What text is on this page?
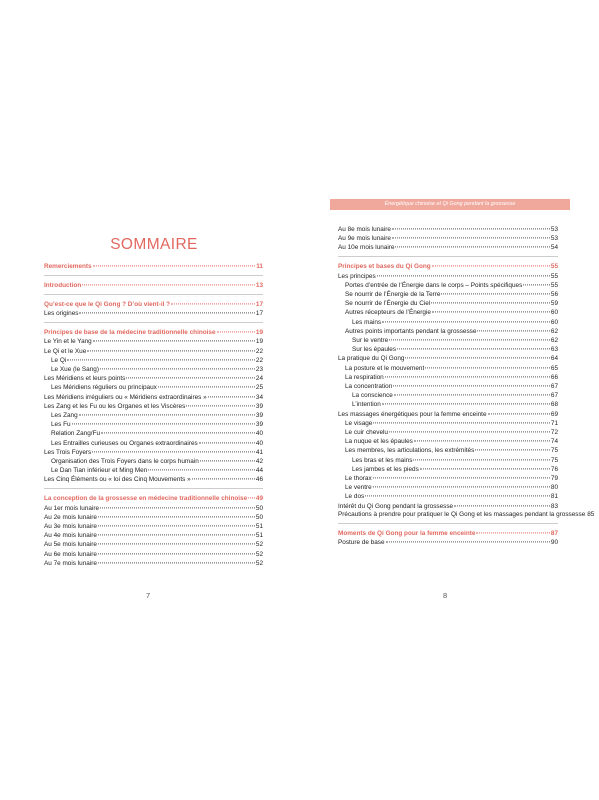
SOMMAIRE
Remerciements	11
Introduction	13
Qu’est-ce que le Qi Gong ? D’où vient-il ?	17
Les origines	17
Principes de base de la médecine traditionnelle chinoise	19
Le Yin et le Yang	19
Le Qi et le Xue	22
Le Qi	22
Le Xue (le Sang)	23
Les Méridiens et leurs points	24
Les Méridiens réguliers ou principaux	25
Les Méridiens irréguliers ou « Méridiens extraordinaires »	34
Les Zang et les Fu ou les Organes et les Viscères	39
Les Zang	39
Les Fu	39
Relation Zang/Fu	40
Les Entrailles curieuses ou Organes extraordinaires	40
Les Trois Foyers	41
Organisation des Trois Foyers dans le corps humain	42
Le Dan Tian inférieur et Ming Men	44
Les Cinq Éléments ou « loi des Cinq Mouvements »	46
La conception de la grossesse en médecine traditionnelle chinoise 49
Au 1er mois lunaire	50
Au 2e mois lunaire	50
Au 3e mois lunaire	51
Au 4e mois lunaire	51
Au 5e mois lunaire	52
Au 6e mois lunaire	52
Au 7e mois lunaire	52
7
Énergétique chinoise et Qi Gong pendant la grossesse
Au 8e mois lunaire	53
Au 9e mois lunaire	53
Au 10e mois lunaire	54
Principes et bases du Qi Gong	55
Les principes	55
Portes d’entrée de l’Énergie dans le corps – Points spécifiques	55
Se nourrir de l’Énergie de la Terre	56
Se nourrir de l’Énergie du Ciel	59
Autres récepteurs de l’Énergie	60
Les mains	60
Autres points importants pendant la grossesse	62
Sur le ventre	62
Sur les épaules	63
La pratique du Qi Gong	64
La posture et le mouvement	65
La respiration	66
La concentration	67
La conscience	67
L’intention	68
Les massages énergétiques pour la femme enceinte	69
Le visage	71
Le cuir chevelu	72
La nuque et les épaules	74
Les membres, les articulations, les extrémités	75
Les bras et les mains	75
Les jambes et les pieds	76
Le thorax	79
Le ventre	80
Le dos	81
Intérêt du Qi Gong pendant la grossesse	83
Précautions à prendre pour pratiquer le Qi Gong et les massages pendant la grossesse 85
Moments de Qi Gong pour la femme enceinte	87
Posture de base	90
8
